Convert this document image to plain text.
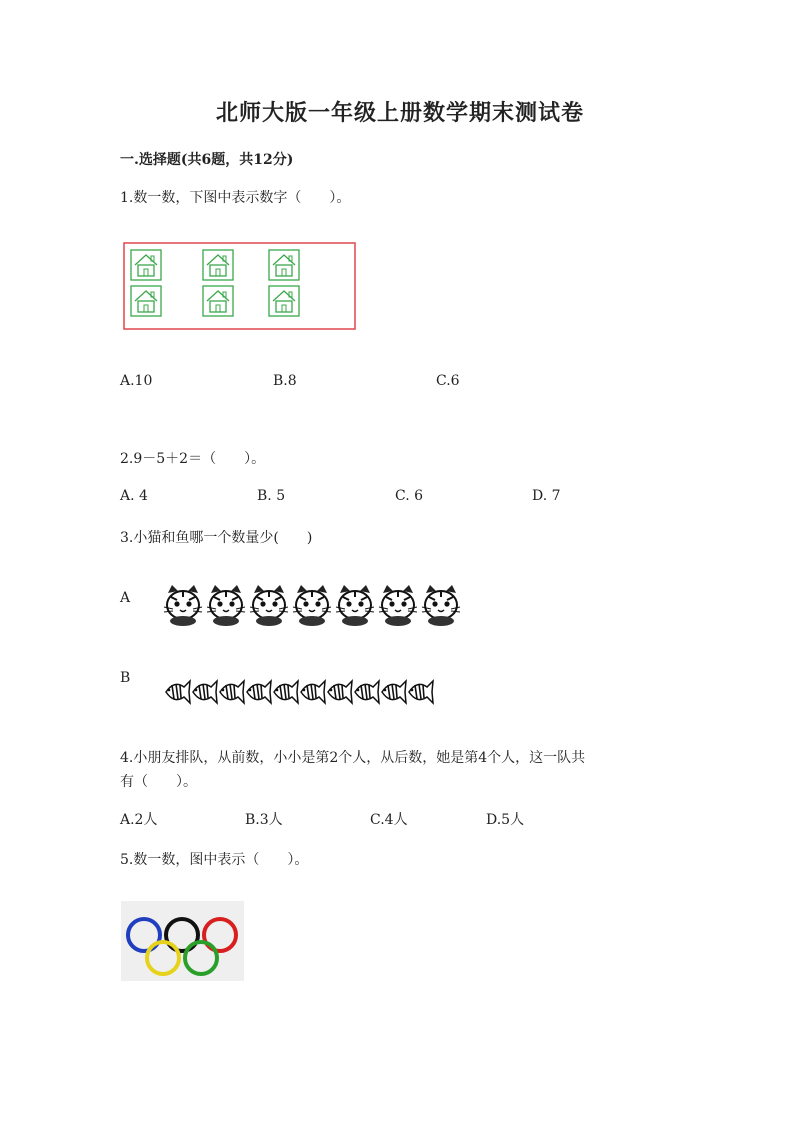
北师大版一年级上册数学期末测试卷
一.选择题(共6题，共12分)
1.数一数，下图中表示数字（　　）。
A.10	B.8	C.6
2.9－5＋2＝（　　）。
A. 4	B. 5	C. 6	D. 7
3.小猫和鱼哪一个数量少(　　)
A
B
4.小朋友排队，从前数，小小是第2个人，从后数，她是第4个人，这一队共
有（　　）。
A.2人	B.3人	C.4人	D.5人
5.数一数，图中表示（　　）。
